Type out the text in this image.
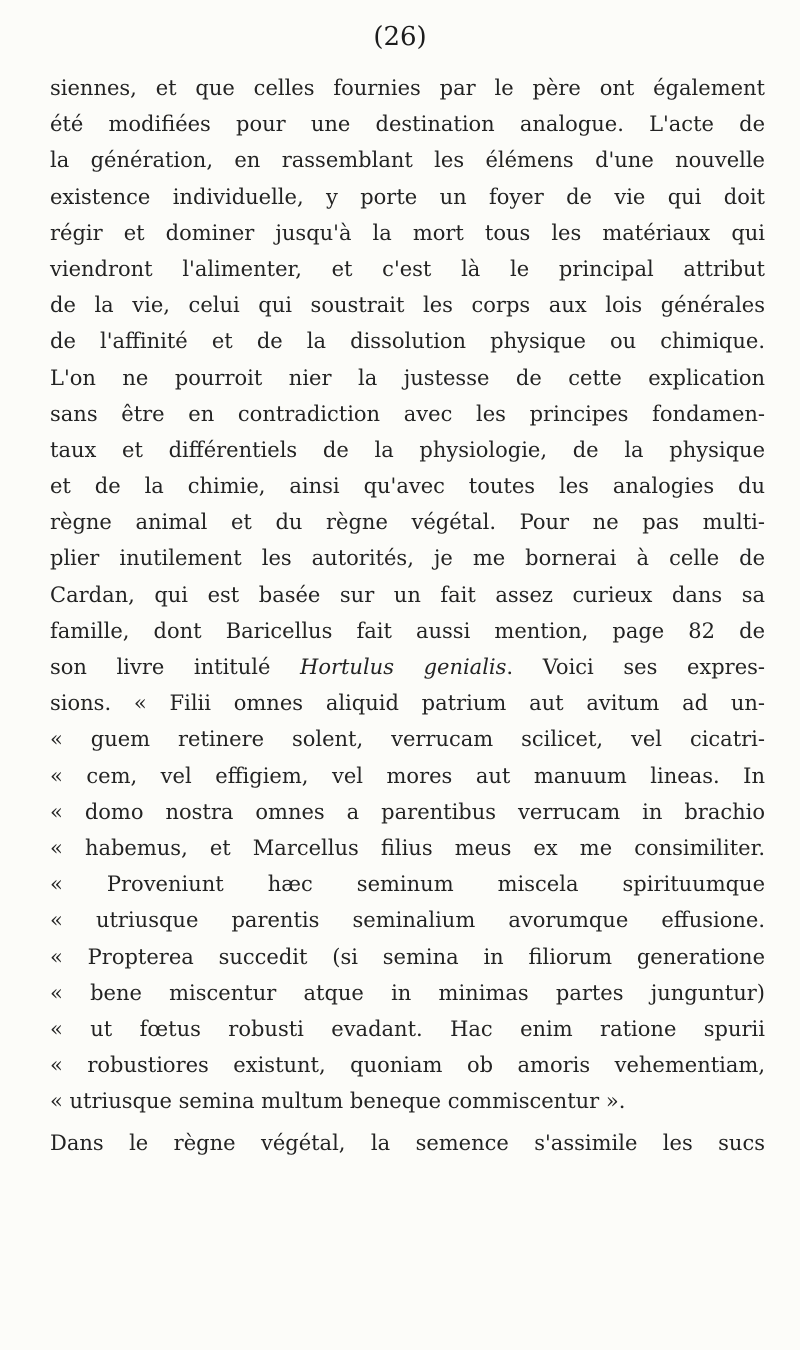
(26)
siennes, et que celles fournies par le père ont également
été modifiées pour une destination analogue. L'acte de
la génération, en rassemblant les élémens d'une nouvelle
existence individuelle, y porte un foyer de vie qui doit
régir et dominer jusqu'à la mort tous les matériaux qui
viendront l'alimenter, et c'est là le principal attribut
de la vie, celui qui soustrait les corps aux lois générales
de l'affinité et de la dissolution physique ou chimique.
L'on ne pourroit nier la justesse de cette explication
sans être en contradiction avec les principes fondamen-
taux et différentiels de la physiologie, de la physique
et de la chimie, ainsi qu'avec toutes les analogies du
règne animal et du règne végétal. Pour ne pas multi-
plier inutilement les autorités, je me bornerai à celle de
Cardan, qui est basée sur un fait assez curieux dans sa
famille, dont Baricellus fait aussi mention, page 82 de
son livre intitulé Hortulus genialis. Voici ses expres-
sions. « Filii omnes aliquid patrium aut avitum ad un-
« guem retinere solent, verrucam scilicet, vel cicatri-
« cem, vel effigiem, vel mores aut manuum lineas. In
« domo nostra omnes a parentibus verrucam in brachio
« habemus, et Marcellus filius meus ex me consimiliter.
« Proveniunt hæc seminum miscela spirituumque
« utriusque parentis seminalium avorumque effusione.
« Propterea succedit (si semina in filiorum generatione
« bene miscentur atque in minimas partes junguntur)
« ut fœtus robusti evadant. Hac enim ratione spurii
« robustiores existunt, quoniam ob amoris vehementiam,
« utriusque semina multum beneque commiscentur ».
Dans le règne végétal, la semence s'assimile les sucs
